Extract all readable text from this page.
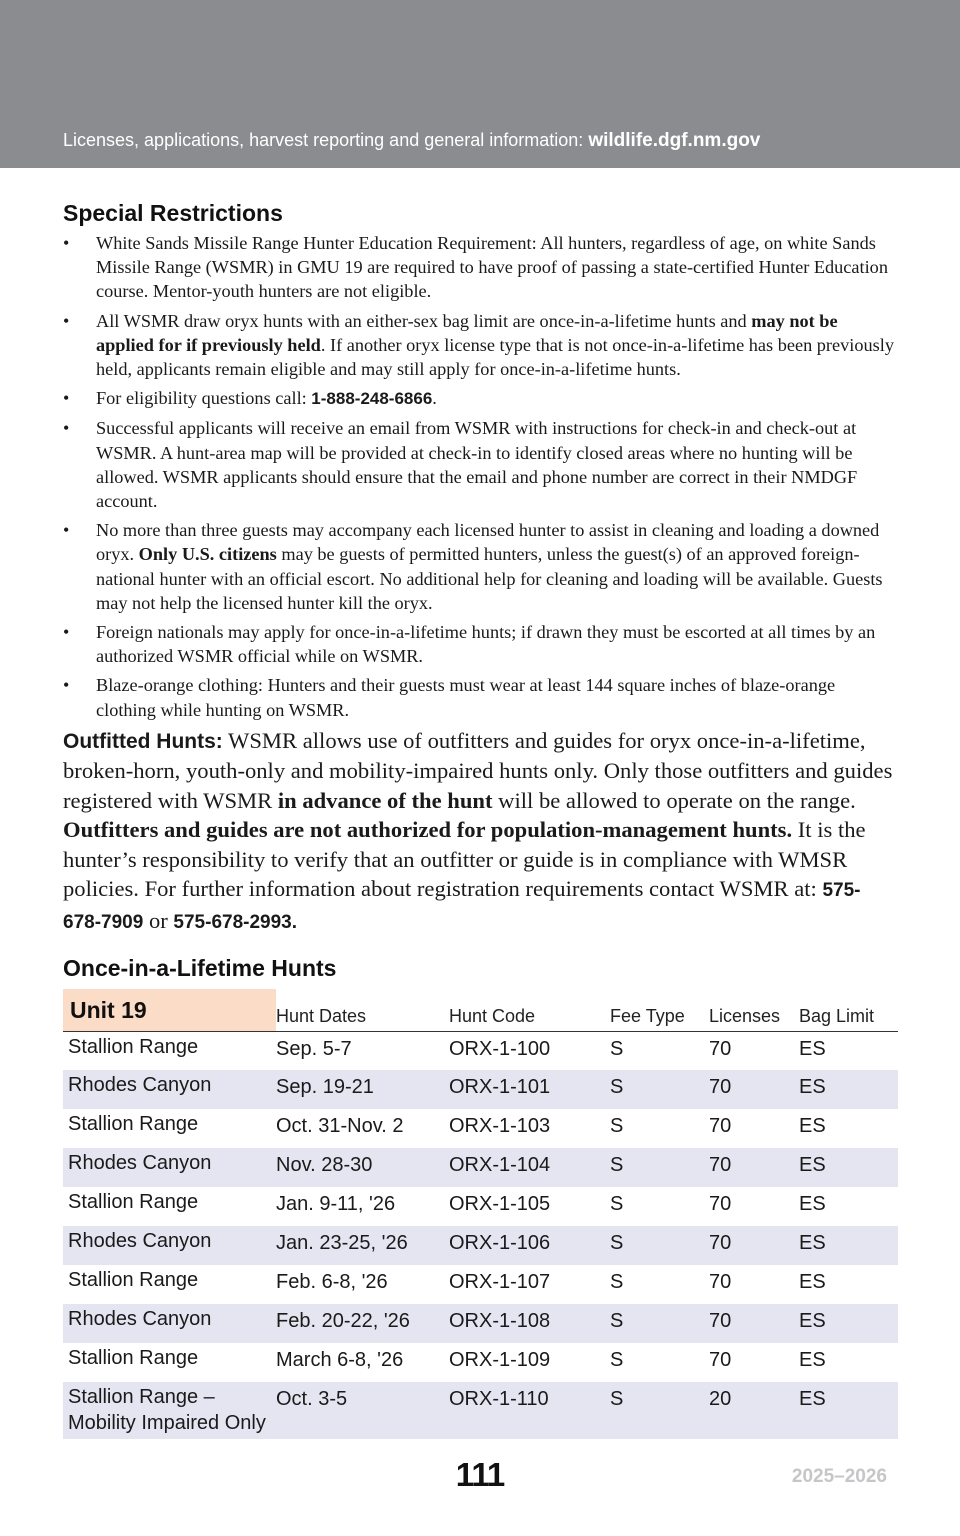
Licenses, applications, harvest reporting and general information: wildlife.dgf.nm.gov
Special Restrictions
• White Sands Missile Range Hunter Education Requirement: All hunters, regardless of age, on white Sands Missile Range (WSMR) in GMU 19 are required to have proof of passing a state-certified Hunter Education course. Mentor-youth hunters are not eligible.
• All WSMR draw oryx hunts with an either-sex bag limit are once-in-a-lifetime hunts and may not be applied for if previously held. If another oryx license type that is not once-in-a-lifetime has been previously held, applicants remain eligible and may still apply for once-in-a-lifetime hunts.
• For eligibility questions call: 1-888-248-6866.
• Successful applicants will receive an email from WSMR with instructions for check-in and check-out at WSMR. A hunt-area map will be provided at check-in to identify closed areas where no hunting will be allowed. WSMR applicants should ensure that the email and phone number are correct in their NMDGF account.
• No more than three guests may accompany each licensed hunter to assist in cleaning and loading a downed oryx. Only U.S. citizens may be guests of permitted hunters, unless the guest(s) of an approved foreign-national hunter with an official escort. No additional help for cleaning and loading will be available. Guests may not help the licensed hunter kill the oryx.
• Foreign nationals may apply for once-in-a-lifetime hunts; if drawn they must be escorted at all times by an authorized WSMR official while on WSMR.
• Blaze-orange clothing: Hunters and their guests must wear at least 144 square inches of blaze-orange clothing while hunting on WSMR.

Outfitted Hunts: WSMR allows use of outfitters and guides for oryx once-in-a-lifetime, broken-horn, youth-only and mobility-impaired hunts only. Only those outfitters and guides registered with WSMR in advance of the hunt will be allowed to operate on the range. Outfitters and guides are not authorized for population-management hunts. It is the hunter’s responsibility to verify that an outfitter or guide is in compliance with WMSR policies. For further information about registration requirements contact WSMR at: 575-678-7909 or 575-678-2993.

Once-in-a-Lifetime Hunts
Unit 19	Hunt Dates	Hunt Code	Fee Type	Licenses	Bag Limit
Stallion Range	Sep. 5-7	ORX-1-100	S	70	ES
Rhodes Canyon	Sep. 19-21	ORX-1-101	S	70	ES
Stallion Range	Oct. 31-Nov. 2	ORX-1-103	S	70	ES
Rhodes Canyon	Nov. 28-30	ORX-1-104	S	70	ES
Stallion Range	Jan. 9-11, '26	ORX-1-105	S	70	ES
Rhodes Canyon	Jan. 23-25, '26	ORX-1-106	S	70	ES
Stallion Range	Feb. 6-8, '26	ORX-1-107	S	70	ES
Rhodes Canyon	Feb. 20-22, '26	ORX-1-108	S	70	ES
Stallion Range	March 6-8, '26	ORX-1-109	S	70	ES
Stallion Range –
Mobility Impaired Only	Oct. 3-5	ORX-1-110	S	20	ES
111	2025–2026
